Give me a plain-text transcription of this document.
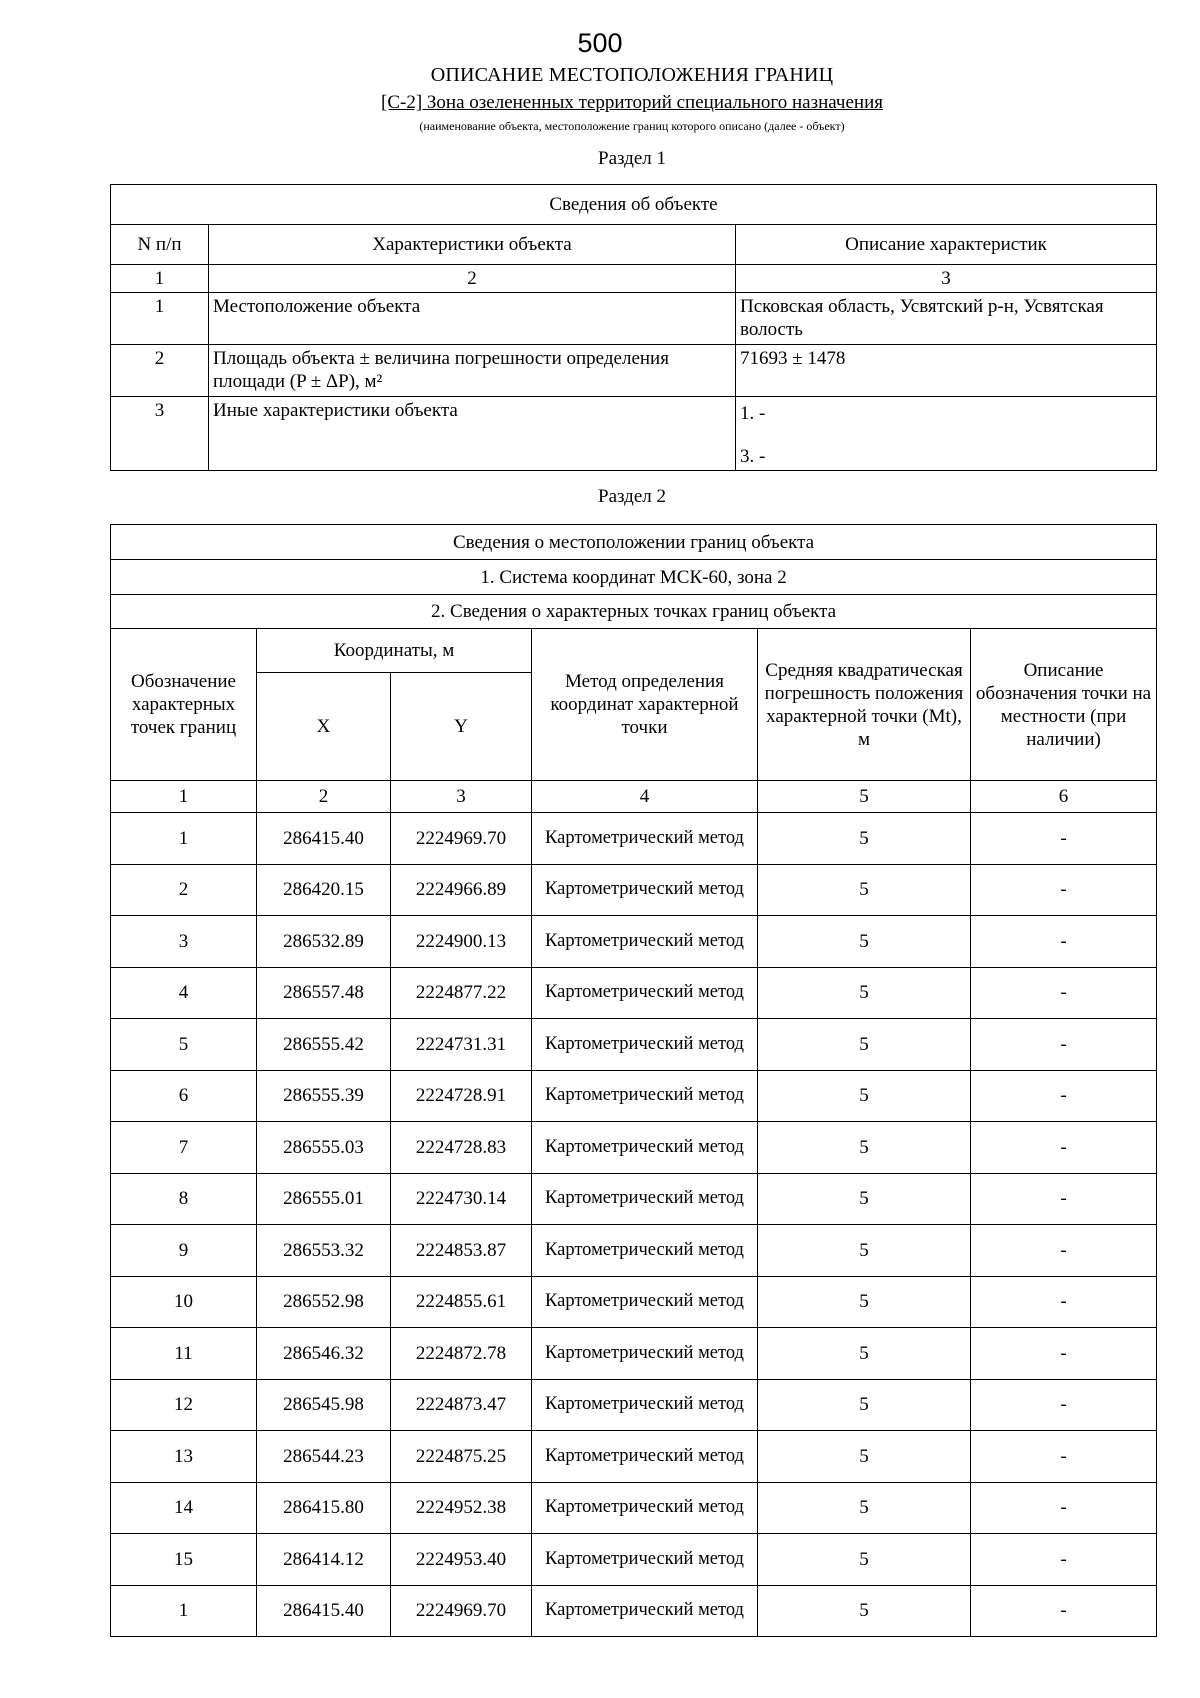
500
ОПИСАНИЕ МЕСТОПОЛОЖЕНИЯ ГРАНИЦ
[С-2] Зона озелененных территорий специального назначения
(наименование объекта, местоположение границ которого описано (далее - объект)
Раздел 1
Сведения об объекте		
N п/п	Характеристики объекта	Описание характеристик
1	2	3
1	Местоположение объекта	Псковская область, Усвятский р-н, Усвятская волость
2	Площадь объекта ± величина погрешности определения площади (P ± ΔP), м²	71693 ± 1478
3	Иные характеристики объекта	1. -
3. -
Раздел 2
Сведения о местоположении границ объекта					
1. Система координат МСК-60, зона 2					
2. Сведения о характерных точках границ объекта					
Обозначение характерных точек границ	Координаты, м		Метод определения координат характерной точки	Средняя квадратическая погрешность положения характерной точки (Mt), м	Описание обозначения точки на местности (при наличии)
	X	Y			
1	2	3	4	5	6
1	286415.40	2224969.70	Картометрический метод	5	-
2	286420.15	2224966.89	Картометрический метод	5	-
3	286532.89	2224900.13	Картометрический метод	5	-
4	286557.48	2224877.22	Картометрический метод	5	-
5	286555.42	2224731.31	Картометрический метод	5	-
6	286555.39	2224728.91	Картометрический метод	5	-
7	286555.03	2224728.83	Картометрический метод	5	-
8	286555.01	2224730.14	Картометрический метод	5	-
9	286553.32	2224853.87	Картометрический метод	5	-
10	286552.98	2224855.61	Картометрический метод	5	-
11	286546.32	2224872.78	Картометрический метод	5	-
12	286545.98	2224873.47	Картометрический метод	5	-
13	286544.23	2224875.25	Картометрический метод	5	-
14	286415.80	2224952.38	Картометрический метод	5	-
15	286414.12	2224953.40	Картометрический метод	5	-
1	286415.40	2224969.70	Картометрический метод	5	-
